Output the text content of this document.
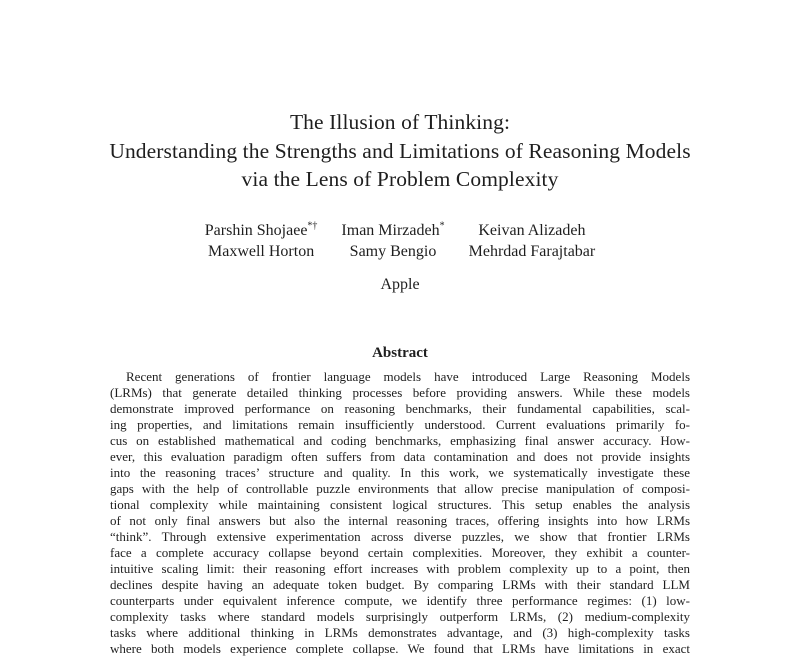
The Illusion of Thinking:
Understanding the Strengths and Limitations of Reasoning Models
via the Lens of Problem Complexity
Parshin Shojaee*†
Maxwell Horton
Iman Mirzadeh*
Samy Bengio
Keivan Alizadeh
Mehrdad Farajtabar
Apple
Abstract
Recent generations of frontier language models have introduced Large Reasoning Models
(LRMs) that generate detailed thinking processes before providing answers. While these models
demonstrate improved performance on reasoning benchmarks, their fundamental capabilities, scal-
ing properties, and limitations remain insufficiently understood. Current evaluations primarily fo-
cus on established mathematical and coding benchmarks, emphasizing final answer accuracy. How-
ever, this evaluation paradigm often suffers from data contamination and does not provide insights
into the reasoning traces’ structure and quality. In this work, we systematically investigate these
gaps with the help of controllable puzzle environments that allow precise manipulation of composi-
tional complexity while maintaining consistent logical structures. This setup enables the analysis
of not only final answers but also the internal reasoning traces, offering insights into how LRMs
“think”. Through extensive experimentation across diverse puzzles, we show that frontier LRMs
face a complete accuracy collapse beyond certain complexities. Moreover, they exhibit a counter-
intuitive scaling limit: their reasoning effort increases with problem complexity up to a point, then
declines despite having an adequate token budget. By comparing LRMs with their standard LLM
counterparts under equivalent inference compute, we identify three performance regimes: (1) low-
complexity tasks where standard models surprisingly outperform LRMs, (2) medium-complexity
tasks where additional thinking in LRMs demonstrates advantage, and (3) high-complexity tasks
where both models experience complete collapse. We found that LRMs have limitations in exact
